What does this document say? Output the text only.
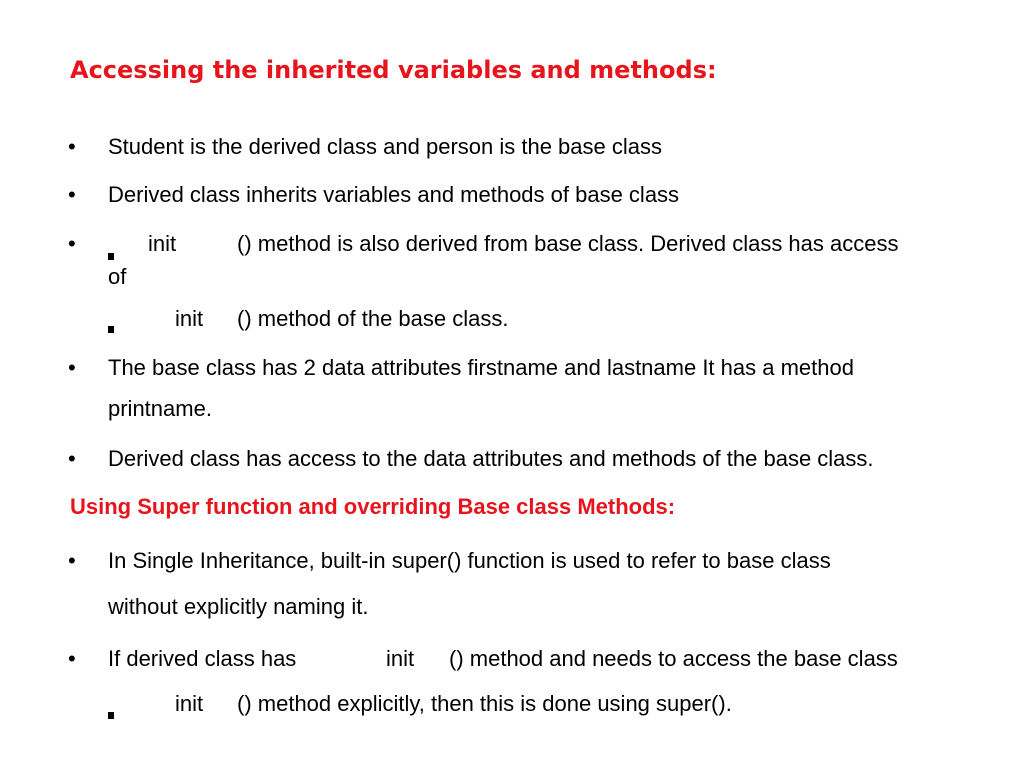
Accessing the inherited variables and methods:
• Student is the derived class and person is the base class
• Derived class inherits variables and methods of base class
•	init	() method is also derived from base class. Derived class has access
of
init () method of the base class.
• The base class has 2 data attributes firstname and lastname It has a method
printname.
• Derived class has access to the data attributes and methods of the base class.
Using Super function and overriding Base class Methods:
• In Single Inheritance, built-in super() function is used to refer to base class
without explicitly naming it.
• If derived class has	init () method and needs to access the base class
init () method explicitly, then this is done using super().
